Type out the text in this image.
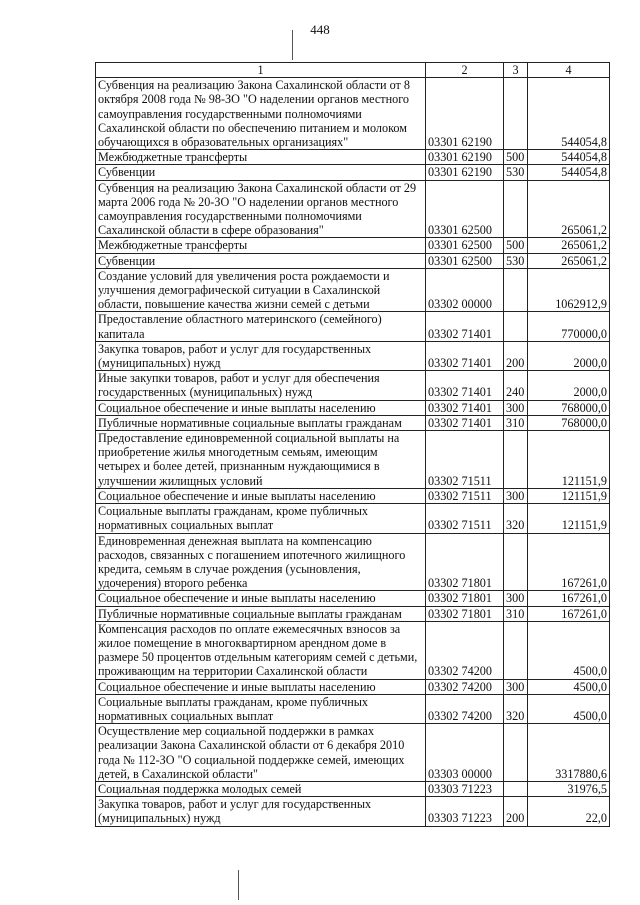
448
1	2	3	4
Субвенция на реализацию Закона Сахалинской области от 8 октября 2008 года № 98-ЗО "О наделении органов местного самоуправления государственными полномочиями Сахалинской области по обеспечению питанием и молоком обучающихся в образовательных организациях"	03301 62190		544054,8
Межбюджетные трансферты	03301 62190	500	544054,8
Субвенции	03301 62190	530	544054,8
Субвенция на реализацию Закона Сахалинской области от 29 марта 2006 года № 20-ЗО "О наделении органов местного самоуправления государственными полномочиями Сахалинской области в сфере образования"	03301 62500		265061,2
Межбюджетные трансферты	03301 62500	500	265061,2
Субвенции	03301 62500	530	265061,2
Создание условий для увеличения роста рождаемости и улучшения демографической ситуации в Сахалинской области, повышение качества жизни семей с детьми	03302 00000		1062912,9
Предоставление областного материнского (семейного) капитала	03302 71401		770000,0
Закупка товаров, работ и услуг для государственных (муниципальных) нужд	03302 71401	200	2000,0
Иные закупки товаров, работ и услуг для обеспечения государственных (муниципальных) нужд	03302 71401	240	2000,0
Социальное обеспечение и иные выплаты населению	03302 71401	300	768000,0
Публичные нормативные социальные выплаты гражданам	03302 71401	310	768000,0
Предоставление единовременной социальной выплаты на приобретение жилья многодетным семьям, имеющим четырех и более детей, признанным нуждающимися в улучшении жилищных условий	03302 71511		121151,9
Социальное обеспечение и иные выплаты населению	03302 71511	300	121151,9
Социальные выплаты гражданам, кроме публичных нормативных социальных выплат	03302 71511	320	121151,9
Единовременная денежная выплата на компенсацию расходов, связанных с погашением ипотечного жилищного кредита, семьям в случае рождения (усыновления, удочерения) второго ребенка	03302 71801		167261,0
Социальное обеспечение и иные выплаты населению	03302 71801	300	167261,0
Публичные нормативные социальные выплаты гражданам	03302 71801	310	167261,0
Компенсация расходов по оплате ежемесячных взносов за жилое помещение в многоквартирном арендном доме в размере 50 процентов отдельным категориям семей с детьми, проживающим на территории Сахалинской области	03302 74200		4500,0
Социальное обеспечение и иные выплаты населению	03302 74200	300	4500,0
Социальные выплаты гражданам, кроме публичных нормативных социальных выплат	03302 74200	320	4500,0
Осуществление мер социальной поддержки в рамках реализации Закона Сахалинской области от 6 декабря 2010 года № 112-ЗО "О социальной поддержке семей, имеющих детей, в Сахалинской области"	03303 00000		3317880,6
Социальная поддержка молодых семей	03303 71223		31976,5
Закупка товаров, работ и услуг для государственных (муниципальных) нужд	03303 71223	200	22,0
